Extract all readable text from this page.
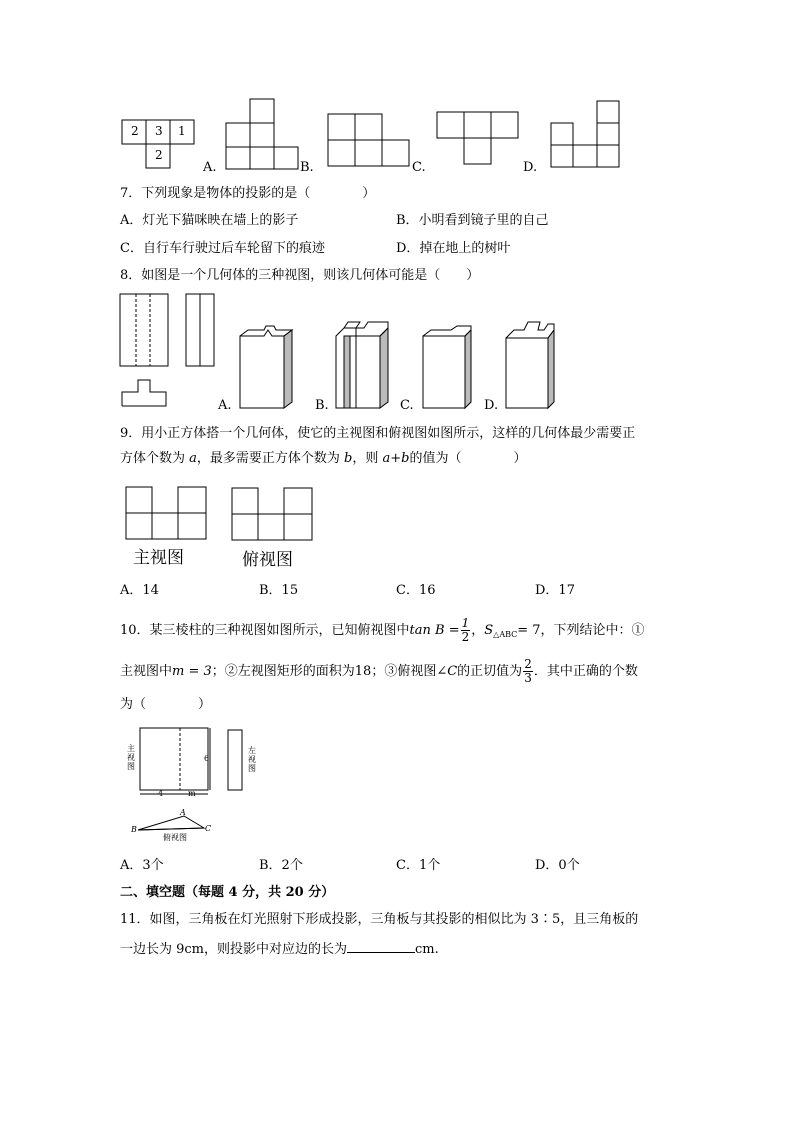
2 3 1
2
A.	B.	C.	D.
7．下列现象是物体的投影的是（　　　　）
A．灯光下猫咪映在墙上的影子	B．小明看到镜子里的自己
C．自行车行驶过后车轮留下的痕迹	D．掉在地上的树叶
8．如图是一个几何体的三种视图，则该几何体可能是（　　）
A.	B.	C.	D.
9．用小正方体搭一个几何体，使它的主视图和俯视图如图所示，这样的几何体最少需要正
方体个数为 a，最多需要正方体个数为 b，则 a+b的值为（　　　　）
主视图	俯视图
A．14	B．15	C．16	D．17
10．某三棱柱的三种视图如图所示，已知俯视图中$\tan B = \frac{1}{2}$ ，$S_{\triangle ABC}= 7$，下列结论中：①
主视图中m = 3；②左视图矩形的面积为18；③俯视图∠C的正切值为 $\frac{2}{3}$ ．其中正确的个数
为（　　　　）
主视图
左视图
俯视图
6
4	m
A
B	C
A．3个	B．2个	C．1个	D．0个
二、填空题（每题 4 分，共 20 分）
11．如图，三角板在灯光照射下形成投影，三角板与其投影的相似比为 3∶5，且三角板的
一边长为 9cm，则投影中对应边的长为	cm.
